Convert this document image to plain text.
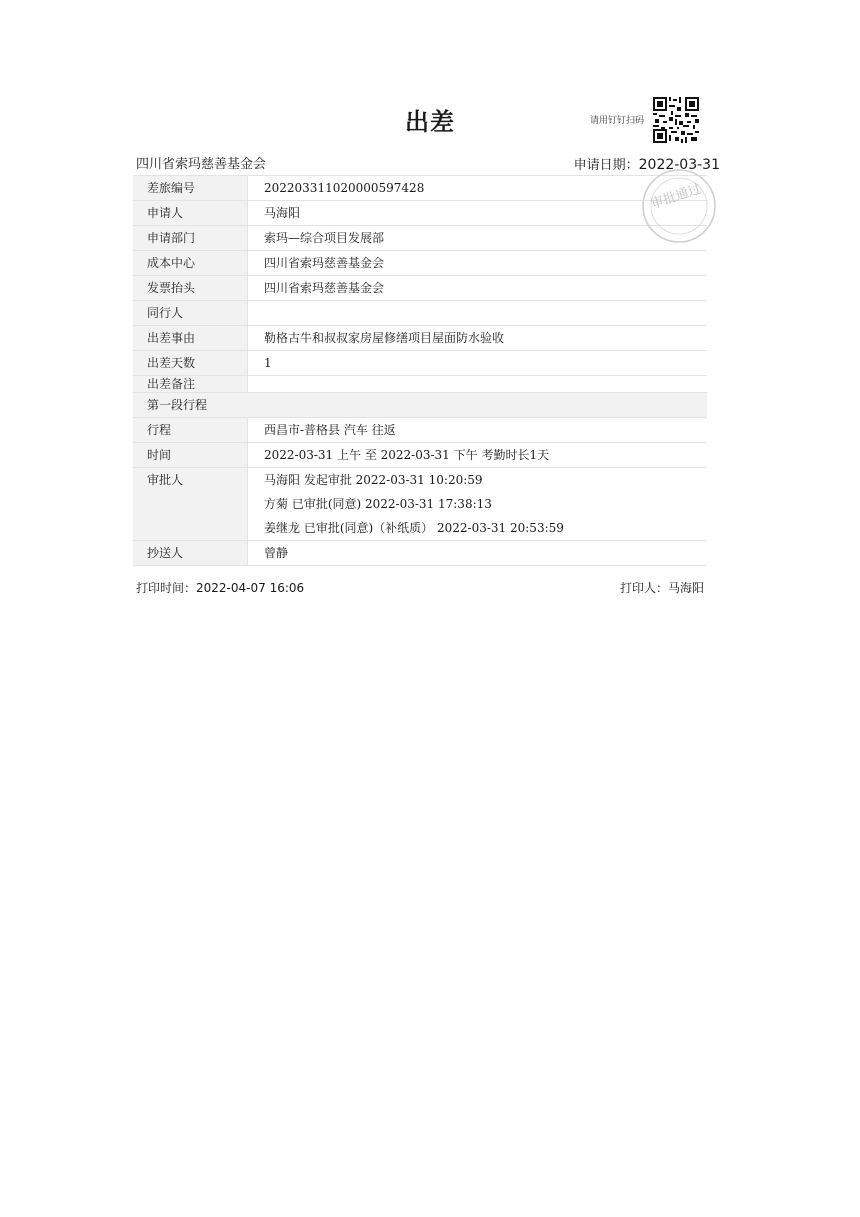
出差	请用钉钉扫码
四川省索玛慈善基金会	申请日期：2022-03-31
差旅编号	202203311020000597428
申请人	马海阳
申请部门	索玛—综合项目发展部
成本中心	四川省索玛慈善基金会
发票抬头	四川省索玛慈善基金会
同行人	
出差事由	勒格古牛和叔叔家房屋修缮项目屋面防水验收
出差天数	1
出差备注	
第一段行程	
行程	西昌市-普格县 汽车 往返
时间	2022-03-31 上午 至 2022-03-31 下午 考勤时长1天

审批人	马海阳 发起审批 2022-03-31 10:20:59
方菊 已审批(同意) 2022-03-31 17:38:13
姜继龙 已审批(同意)（补纸质） 2022-03-31 20:53:59

抄送人	曾静
审批通过
打印时间：2022-04-07 16:06	打印人：马海阳
